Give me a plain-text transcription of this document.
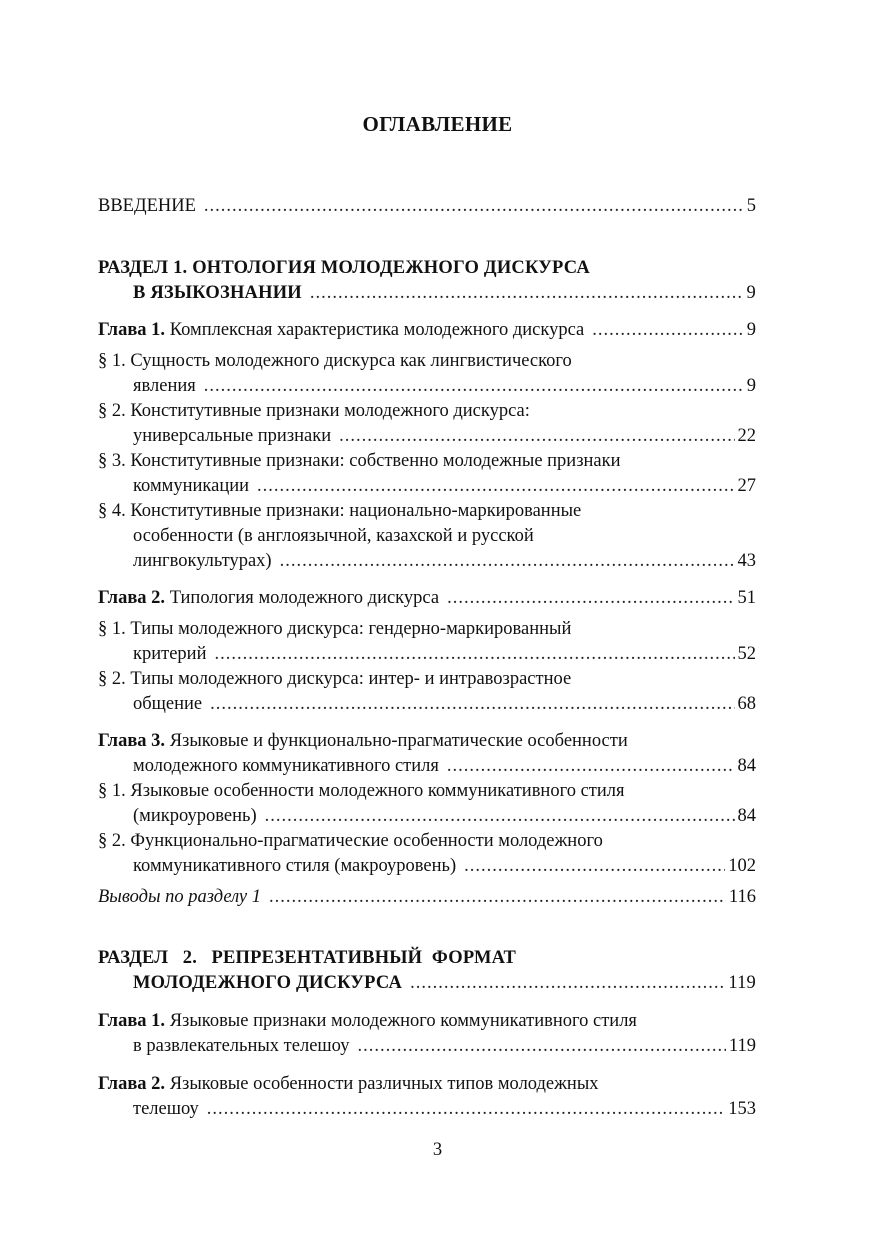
ОГЛАВЛЕНИЕ
ВВЕДЕНИЕ .....	5
РАЗДЕЛ 1. ОНТОЛОГИЯ МОЛОДЕЖНОГО ДИСКУРСА
В ЯЗЫКОЗНАНИИ .....	9
Глава 1. Комплексная характеристика молодежного дискурса .....	9
§ 1. Сущность молодежного дискурса как лингвистического
явления .....	9
§ 2. Конститутивные признаки молодежного дискурса:
универсальные признаки .....	22
§ 3. Конститутивные признаки: собственно молодежные признаки
коммуникации .....	27
§ 4. Конститутивные признаки: национально-маркированные
особенности (в англоязычной, казахской и русской
лингвокультурах) .....	43
Глава 2. Типология молодежного дискурса .....	51
§ 1. Типы молодежного дискурса: гендерно-маркированный
критерий .....	52
§ 2. Типы молодежного дискурса: интер- и интравозрастное
общение .....	68
Глава 3. Языковые и функционально-прагматические особенности
молодежного коммуникативного стиля .....	84
§ 1. Языковые особенности молодежного коммуникативного стиля
(микроуровень) .....	84
§ 2. Функционально-прагматические особенности молодежного
коммуникативного стиля (макроуровень) .....	102
Выводы по разделу 1 .....	116
РАЗДЕЛ   2.   РЕПРЕЗЕНТАТИВНЫЙ  ФОРМАТ
МОЛОДЕЖНОГО ДИСКУРСА .....	119
Глава 1. Языковые признаки молодежного коммуникативного стиля
в развлекательных телешоу .....	119
Глава 2. Языковые особенности различных типов молодежных
телешоу .....	153
3
